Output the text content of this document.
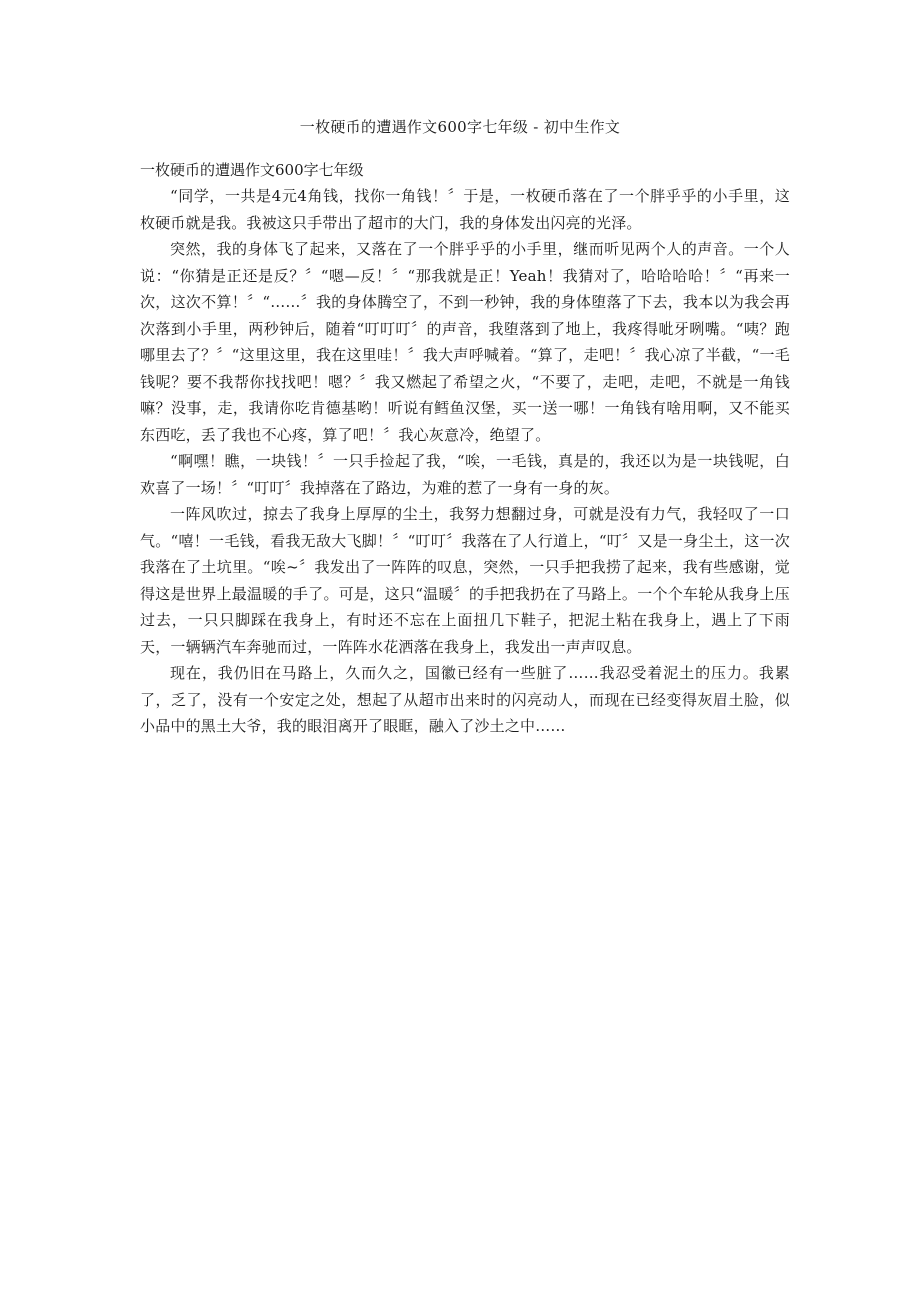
一枚硬币的遭遇作文600字七年级 - 初中生作文
一枚硬币的遭遇作文600字七年级

“同学，一共是4元4角钱，找你一角钱！〞于是，一枚硬币落在了一个胖乎乎的小手里，这枚硬币就是我。我被这只手带出了超市的大门，我的身体发出闪亮的光泽。

突然，我的身体飞了起来，又落在了一个胖乎乎的小手里，继而听见两个人的声音。一个人说：“你猜是正还是反？〞“嗯—反！〞“那我就是正！Yeah！我猜对了，哈哈哈哈！〞“再来一次，这次不算！〞“……〞我的身体腾空了，不到一秒钟，我的身体堕落了下去，我本以为我会再次落到小手里，两秒钟后，随着“叮叮叮〞的声音，我堕落到了地上，我疼得呲牙咧嘴。“咦？跑哪里去了？〞“这里这里，我在这里哇！〞我大声呼喊着。“算了，走吧！〞我心凉了半截，“一毛钱呢？要不我帮你找找吧！嗯？〞我又燃起了希望之火，“不要了，走吧，走吧，不就是一角钱嘛？没事，走，我请你吃肯德基哟！听说有鳕鱼汉堡，买一送一哪！一角钱有啥用啊，又不能买东西吃，丢了我也不心疼，算了吧！〞我心灰意冷，绝望了。

“啊嘿！瞧，一块钱！〞一只手捡起了我，“唉，一毛钱，真是的，我还以为是一块钱呢，白欢喜了一场！〞“叮叮〞我掉落在了路边，为难的惹了一身有一身的灰。

一阵风吹过，掠去了我身上厚厚的尘土，我努力想翻过身，可就是没有力气，我轻叹了一口气。“嘻！一毛钱，看我无敌大飞脚！〞“叮叮〞我落在了人行道上，“叮〞又是一身尘土，这一次我落在了土坑里。“唉~〞我发出了一阵阵的叹息，突然，一只手把我捞了起来，我有些感谢，觉得这是世界上最温暖的手了。可是，这只“温暖〞的手把我扔在了马路上。一个个车轮从我身上压过去，一只只脚踩在我身上，有时还不忘在上面扭几下鞋子，把泥土粘在我身上，遇上了下雨天，一辆辆汽车奔驰而过，一阵阵水花洒落在我身上，我发出一声声叹息。

现在，我仍旧在马路上，久而久之，国徽已经有一些脏了……我忍受着泥土的压力。我累了，乏了，没有一个安定之处，想起了从超市出来时的闪亮动人，而现在已经变得灰眉土脸，似小品中的黑土大爷，我的眼泪离开了眼眶，融入了沙土之中……
